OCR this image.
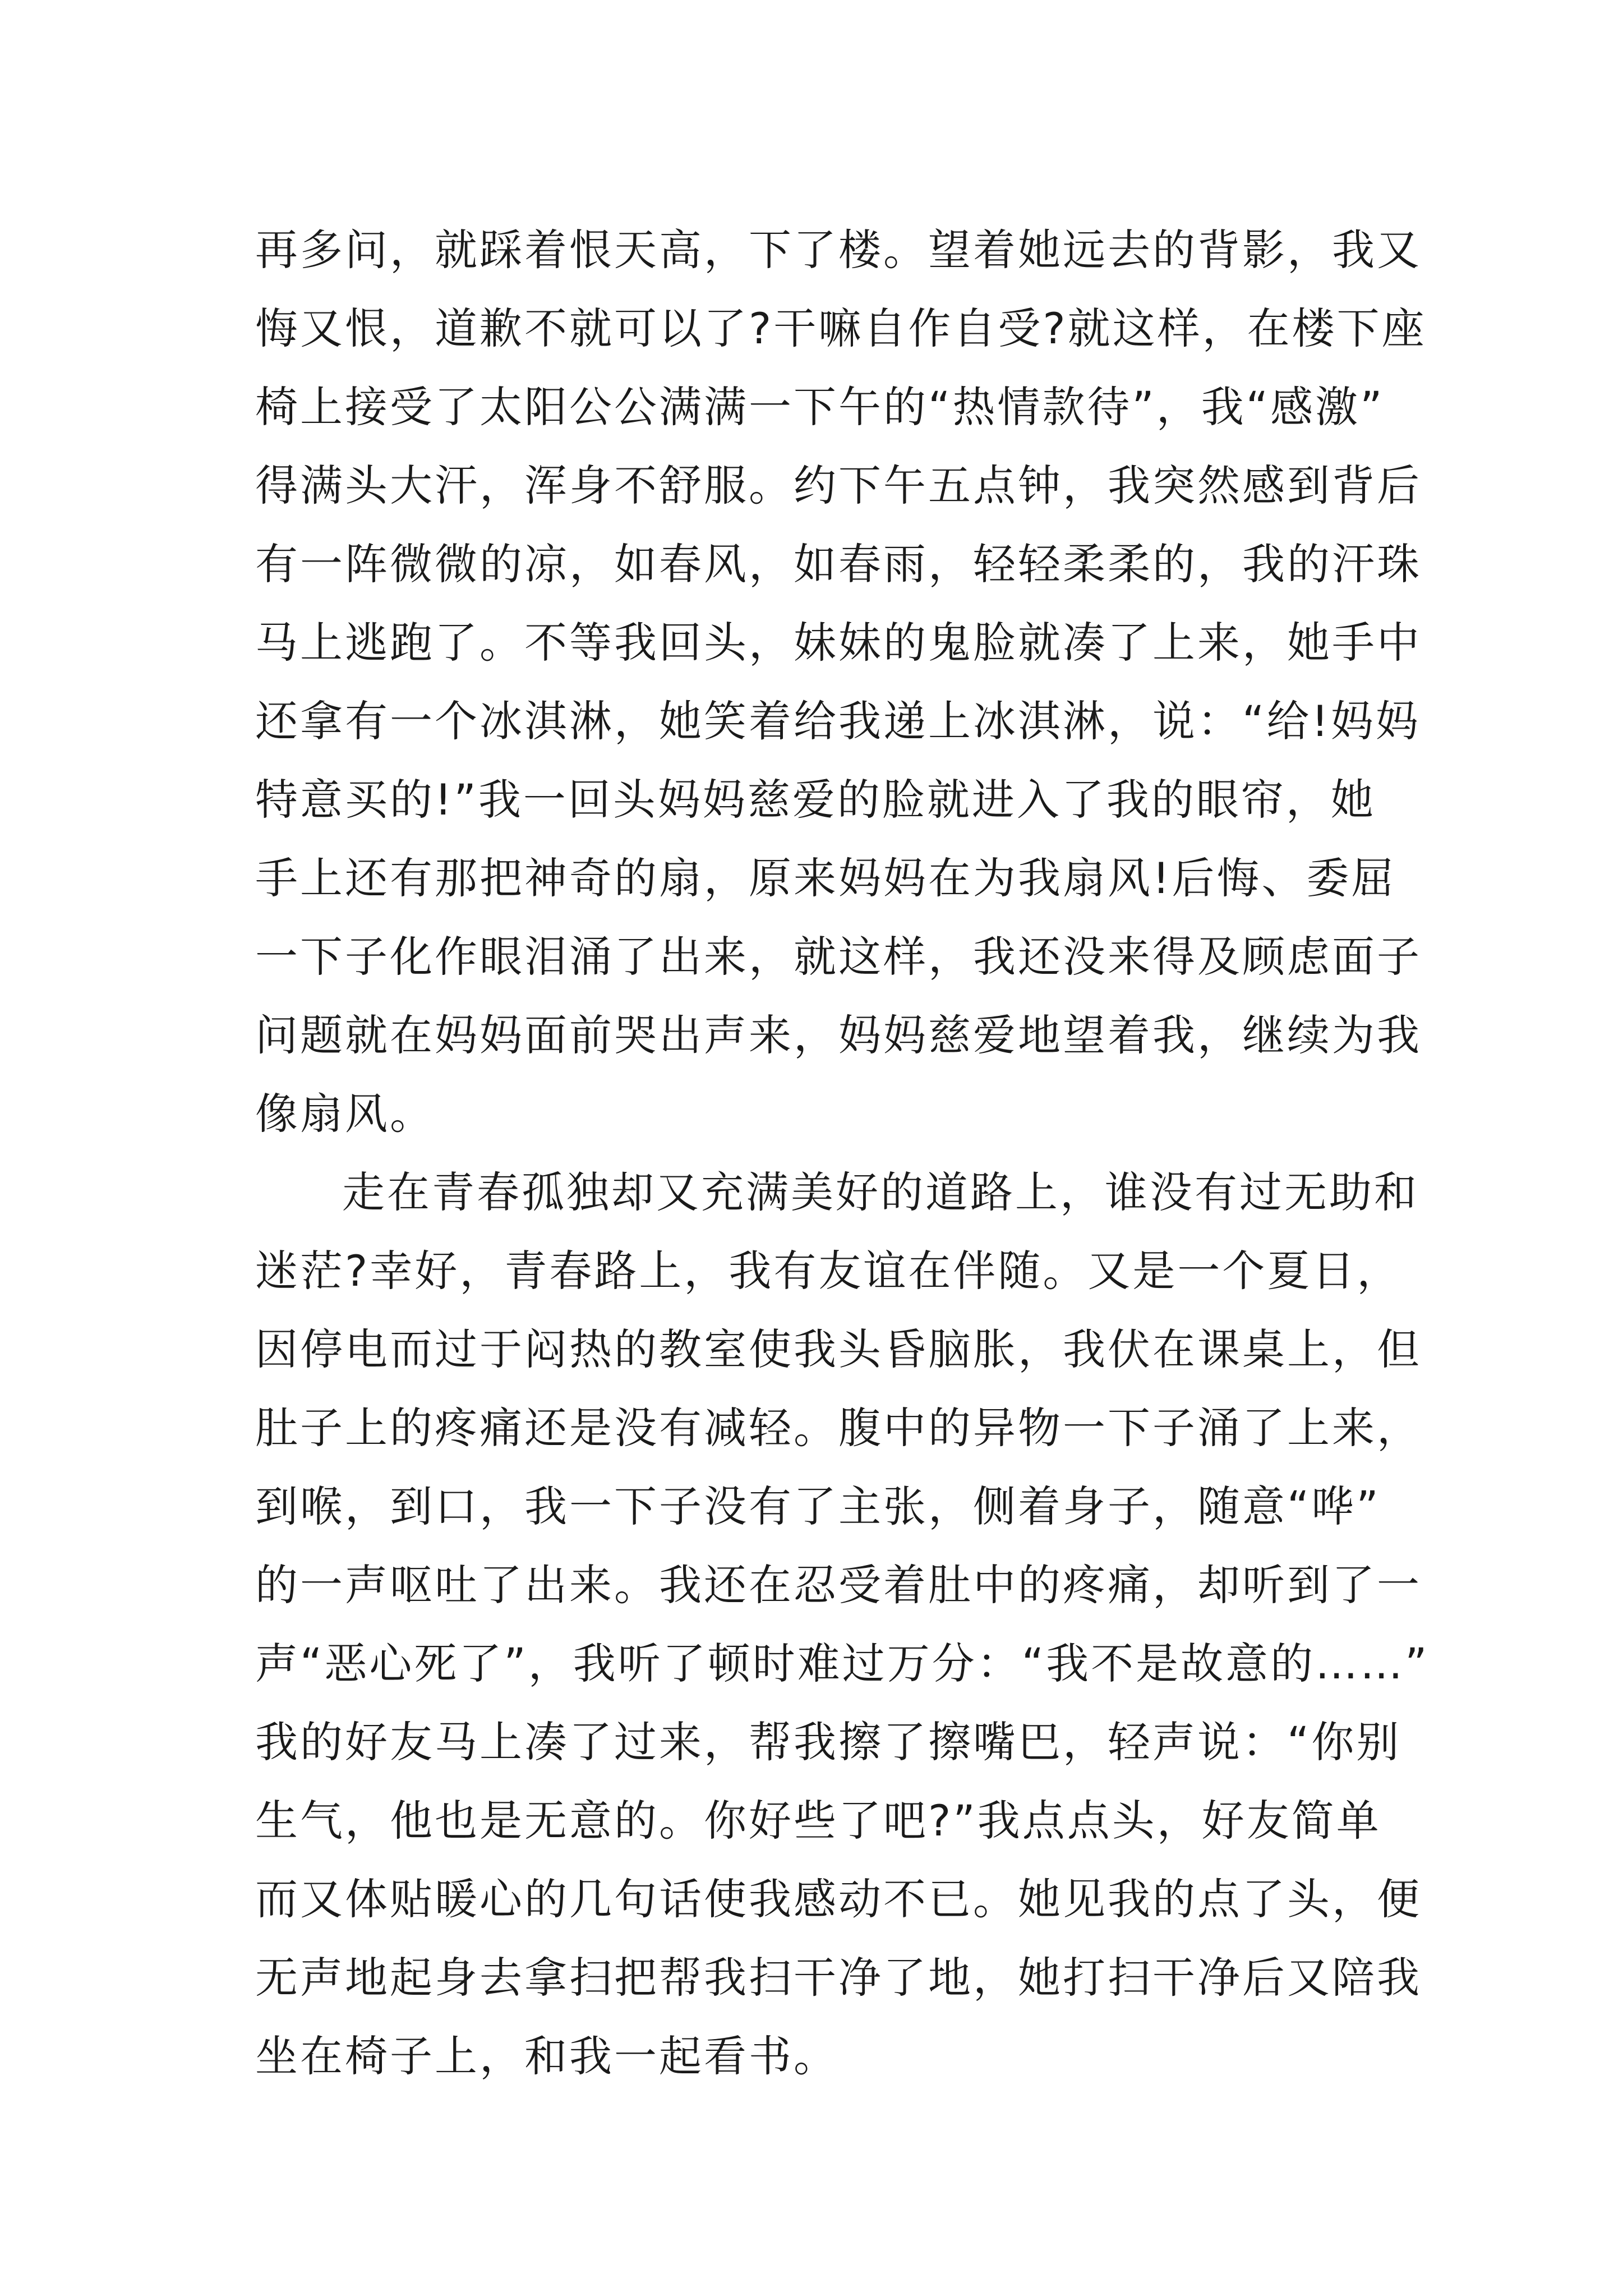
再多问，就踩着恨天高，下了楼。望着她远去的背影，我又
悔又恨，道歉不就可以了?干嘛自作自受?就这样，在楼下座
椅上接受了太阳公公满满一下午的“热情款待”，我“感激”
得满头大汗，浑身不舒服。约下午五点钟，我突然感到背后
有一阵微微的凉，如春风，如春雨，轻轻柔柔的，我的汗珠
马上逃跑了。不等我回头，妹妹的鬼脸就凑了上来，她手中
还拿有一个冰淇淋，她笑着给我递上冰淇淋，说：“给!妈妈
特意买的!”我一回头妈妈慈爱的脸就进入了我的眼帘，她
手上还有那把神奇的扇，原来妈妈在为我扇风!后悔、委屈
一下子化作眼泪涌了出来，就这样，我还没来得及顾虑面子
问题就在妈妈面前哭出声来，妈妈慈爱地望着我，继续为我
像扇风。
走在青春孤独却又充满美好的道路上，谁没有过无助和
迷茫?幸好，青春路上，我有友谊在伴随。又是一个夏日，
因停电而过于闷热的教室使我头昏脑胀，我伏在课桌上，但
肚子上的疼痛还是没有减轻。腹中的异物一下子涌了上来，
到喉，到口，我一下子没有了主张，侧着身子，随意“哗”
的一声呕吐了出来。我还在忍受着肚中的疼痛，却听到了一
声“恶心死了”，我听了顿时难过万分：“我不是故意的……”
我的好友马上凑了过来，帮我擦了擦嘴巴，轻声说：“你别
生气，他也是无意的。你好些了吧?”我点点头，好友简单
而又体贴暖心的几句话使我感动不已。她见我的点了头，便
无声地起身去拿扫把帮我扫干净了地，她打扫干净后又陪我
坐在椅子上，和我一起看书。
